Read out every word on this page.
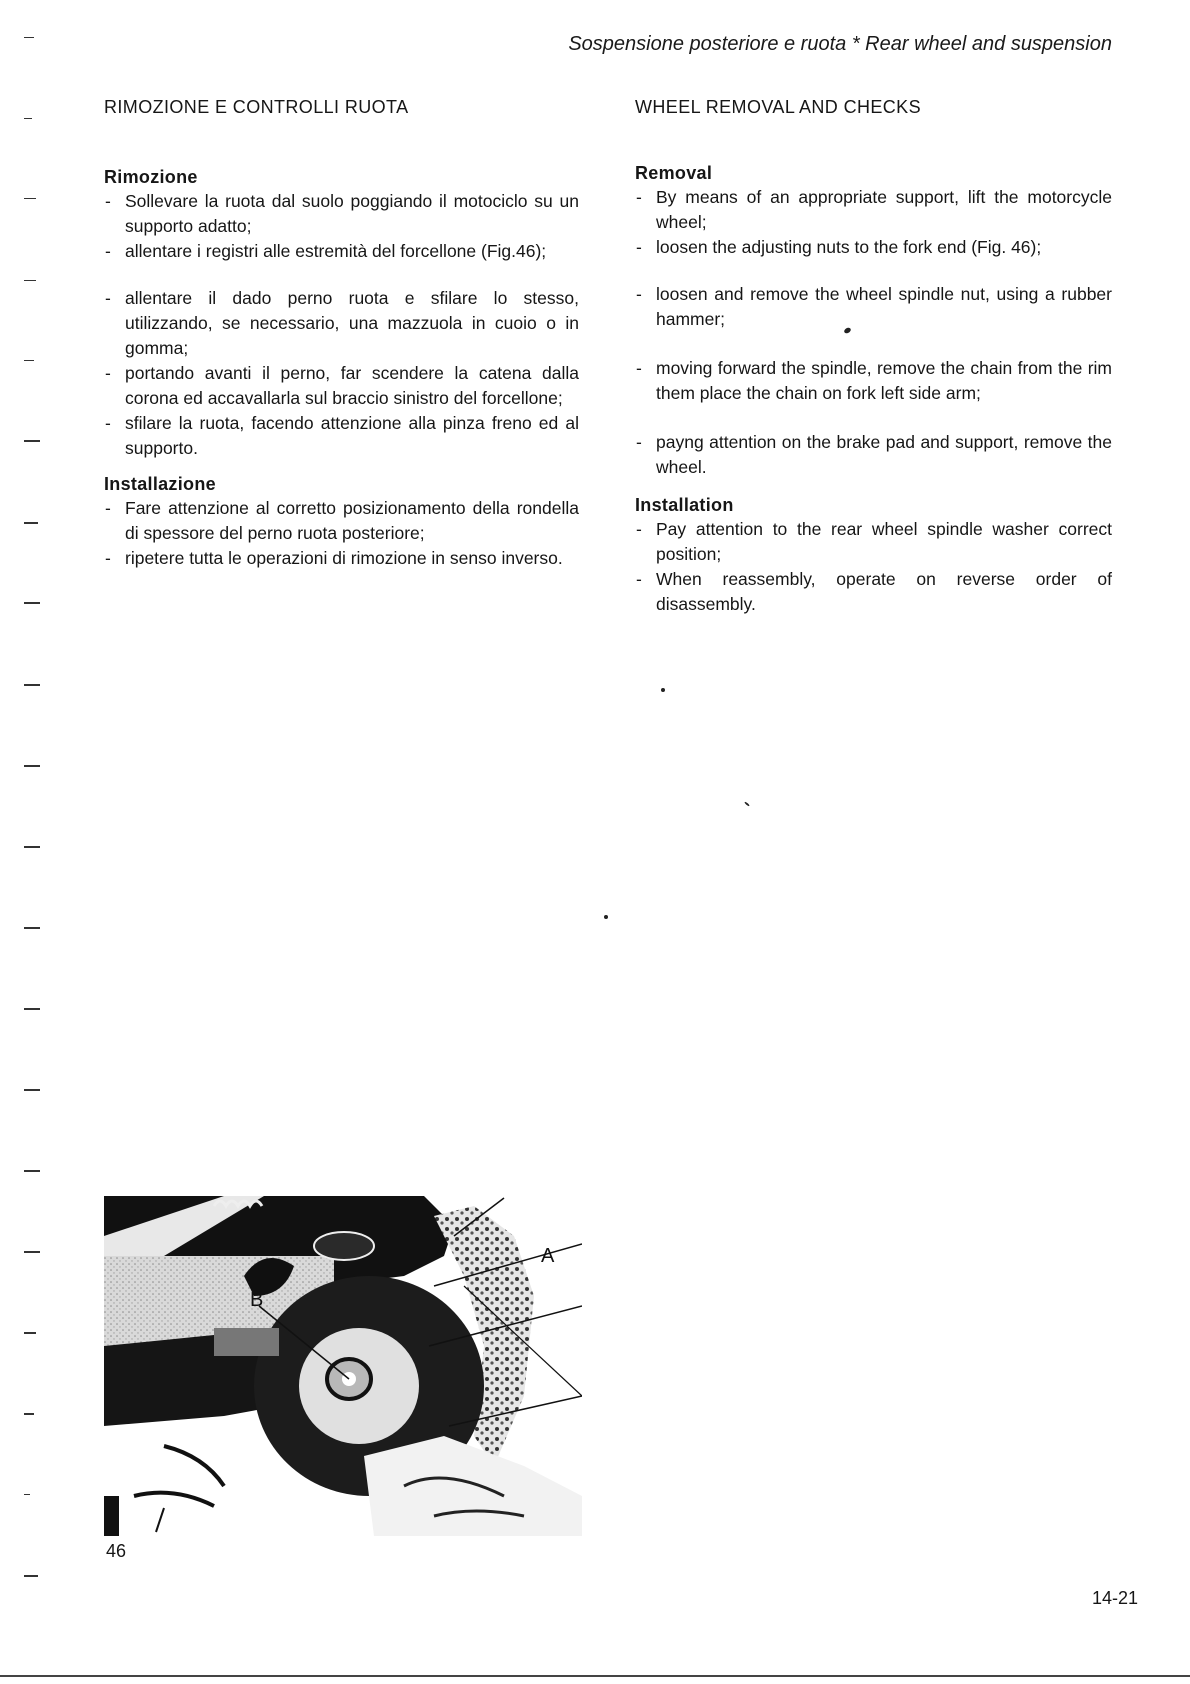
Sospensione posteriore e ruota * Rear wheel and suspension
RIMOZIONE E CONTROLLI RUOTA
Rimozione
- Sollevare la ruota dal suolo poggiando il motociclo su un supporto adatto;
- allentare i registri alle estremità del forcellone (Fig.46);
- allentare il dado perno ruota e sfilare lo stesso, utilizzando, se necessario, una mazzuola in cuoio o in gomma;
- portando avanti il perno, far scendere la catena dalla corona ed accavallarla sul braccio sinistro del forcellone;
- sfilare la ruota, facendo attenzione alla pinza freno ed al supporto.
Installazione
- Fare attenzione al corretto posizionamento della rondella di spessore del perno ruota posteriore;
- ripetere tutta le operazioni di rimozione in senso inverso.
WHEEL REMOVAL AND CHECKS
Removal
- By means of an appropriate support, lift the motorcycle wheel;
- loosen the adjusting nuts to the fork end (Fig. 46);
- loosen and remove the wheel spindle nut, using a rubber hammer;
- moving forward the spindle, remove the chain from the rim them place the chain on fork left side arm;
- payng attention on the brake pad and support, remove the wheel.
Installation
- Pay attention to the rear wheel spindle washer correct position;
- When reassembly, operate on reverse order of disassembly.
A
B
46
14-21
